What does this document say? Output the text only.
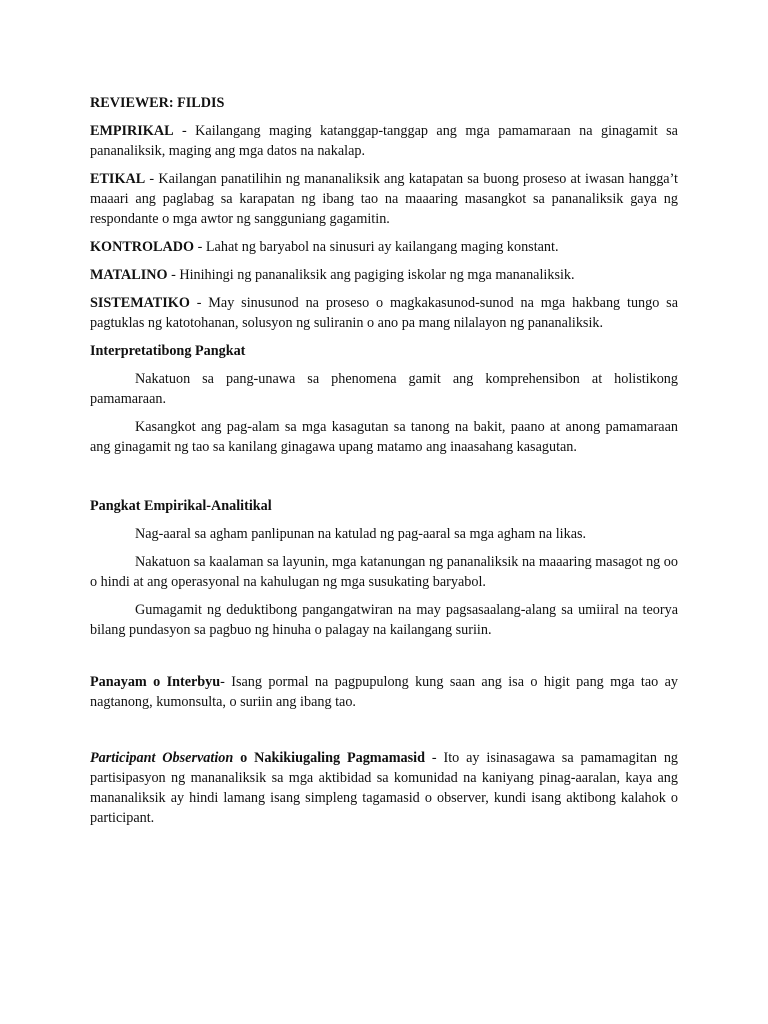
REVIEWER: FILDIS

EMPIRIKAL - Kailangang maging katanggap-tanggap ang mga pamamaraan na ginagamit sa pananaliksik, maging ang mga datos na nakalap.

ETIKAL - Kailangan panatilihin ng mananaliksik ang katapatan sa buong proseso at iwasan hangga’t maaari ang paglabag sa karapatan ng ibang tao na maaaring masangkot sa pananaliksik gaya ng respondante o mga awtor ng sangguniang gagamitin.

KONTROLADO - Lahat ng baryabol na sinusuri ay kailangang maging konstant.

MATALINO - Hinihingi ng pananaliksik ang pagiging iskolar ng mga mananaliksik.

SISTEMATIKO - May sinusunod na proseso o magkakasunod-sunod na mga hakbang tungo sa pagtuklas ng katotohanan, solusyon ng suliranin o ano pa mang nilalayon ng pananaliksik.

Interpretatibong Pangkat

Nakatuon sa pang-unawa sa phenomena gamit ang komprehensibon at holistikong pamamaraan.

Kasangkot ang pag-alam sa mga kasagutan sa tanong na bakit, paano at anong pamamaraan ang ginagamit ng tao sa kanilang ginagawa upang matamo ang inaasahang kasagutan.

Pangkat Empirikal-Analitikal

Nag-aaral sa agham panlipunan na katulad ng pag-aaral sa mga agham na likas.

Nakatuon sa kaalaman sa layunin, mga katanungan ng pananaliksik na maaaring masagot ng oo o hindi at ang operasyonal na kahulugan ng mga susukating baryabol.

Gumagamit ng deduktibong pangangatwiran na may pagsasaalang-alang sa umiiral na teorya bilang pundasyon sa pagbuo ng hinuha o palagay na kailangang suriin.

Panayam o Interbyu- Isang pormal na pagpupulong kung saan ang isa o higit pang mga tao ay nagtanong, kumonsulta, o suriin ang ibang tao.

Participant Observation o Nakikiugaling Pagmamasid - Ito ay isinasagawa sa pamamagitan ng partisipasyon ng mananaliksik sa mga aktibidad sa komunidad na kaniyang pinag-aaralan, kaya ang mananaliksik ay hindi lamang isang simpleng tagamasid o observer, kundi isang aktibong kalahok o participant.
